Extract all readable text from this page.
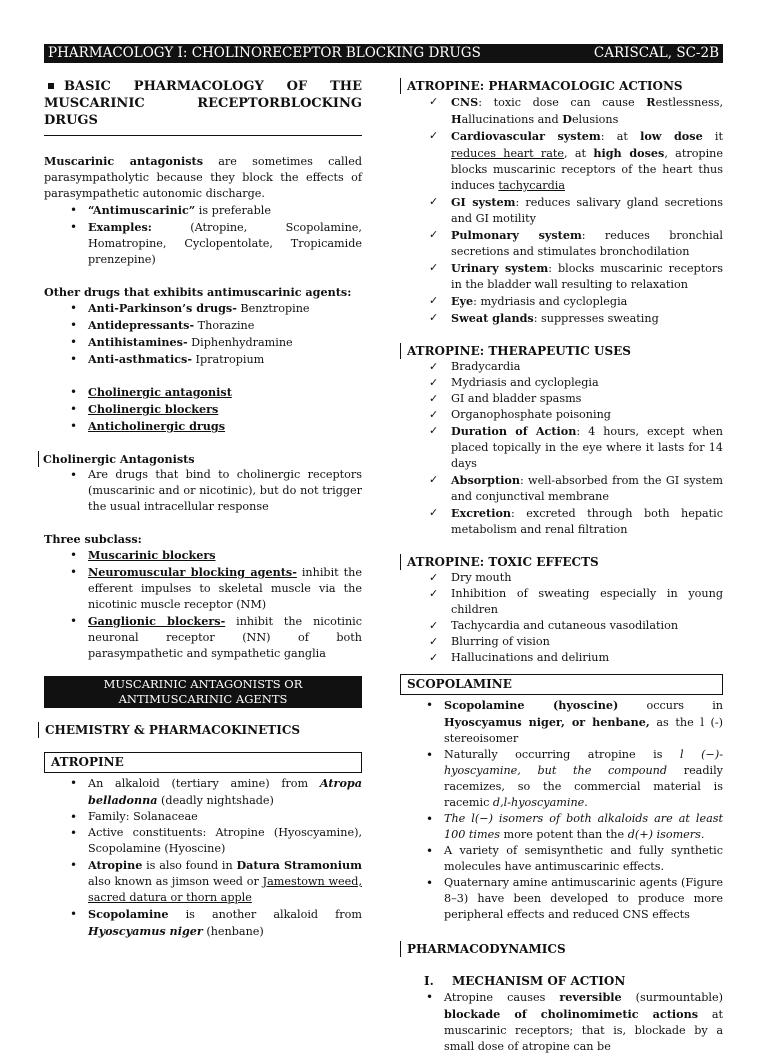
PHARMACOLOGY I: CHOLINORECEPTOR BLOCKING DRUGS	CARISCAL, SC-2B
BASIC PHARMACOLOGY OF THE MUSCARINIC RECEPTORBLOCKING DRUGS

Muscarinic antagonists are sometimes called parasympatholytic because they block the effects of parasympathetic autonomic discharge.

• “Antimuscarinic” is preferable
• Examples: (Atropine, Scopolamine, Homatropine, Cyclopentolate, Tropicamide prenzepine)

Other drugs that exhibits antimuscarinic agents:

• Anti-Parkinson’s drugs- Benztropine
• Antidepressants- Thorazine
• Antihistamines- Diphenhydramine
• Anti-asthmatics- Ipratropium
• Cholinergic antagonist
• Cholinergic blockers
• Anticholinergic drugs

Cholinergic Antagonists

• Are drugs that bind to cholinergic receptors (muscarinic and or nicotinic), but do not trigger the usual intracellular response

Three subclass:

• Muscarinic blockers
• Neuromuscular blocking agents- inhibit the efferent impulses to skeletal muscle via the nicotinic muscle receptor (NM)
• Ganglionic blockers- inhibit the nicotinic neuronal receptor (NN) of both parasympathetic and sympathetic ganglia
MUSCARINIC ANTAGONISTS OR ANTIMUSCARINIC AGENTS

CHEMISTRY & PHARMACOKINETICS

ATROPINE
• An alkaloid (tertiary amine) from Atropa belladonna (deadly nightshade)
• Family: Solanaceae
• Active constituents: Atropine (Hyoscyamine), Scopolamine (Hyoscine)
• Atropine is also found in Datura Stramonium also known as jimson weed or Jamestown weed, sacred datura or thorn apple
• Scopolamine is another alkaloid from Hyoscyamus niger (henbane)

ATROPINE: PHARMACOLOGIC ACTIONS

✓ CNS: toxic dose can cause Restlessness, Hallucinations and Delusions
✓ Cardiovascular system: at low dose it reduces heart rate, at high doses, atropine blocks muscarinic receptors of the heart thus induces tachycardia
✓ GI system: reduces salivary gland secretions and GI motility
✓ Pulmonary system: reduces bronchial secretions and stimulates bronchodilation
✓ Urinary system: blocks muscarinic receptors in the bladder wall resulting to relaxation
✓ Eye: mydriasis and cycloplegia
✓ Sweat glands: suppresses sweating

ATROPINE: THERAPEUTIC USES

✓ Bradycardia
✓ Mydriasis and cycloplegia
✓ GI and bladder spasms
✓ Organophosphate poisoning
✓ Duration of Action: 4 hours, except when placed topically in the eye where it lasts for 14 days
✓ Absorption: well-absorbed from the GI system and conjunctival membrane
✓ Excretion: excreted through both hepatic metabolism and renal filtration

ATROPINE: TOXIC EFFECTS

✓ Dry mouth
✓ Inhibition of sweating especially in young children
✓ Tachycardia and cutaneous vasodilation
✓ Blurring of vision
✓ Hallucinations and delirium
SCOPOLAMINE
• Scopolamine (hyoscine) occurs in Hyoscyamus niger, or henbane, as the l (-) stereoisomer
• Naturally occurring atropine is l (−)-hyoscyamine, but the compound readily racemizes, so the commercial material is racemic d,l-hyoscyamine.
• The l(−) isomers of both alkaloids are at least 100 times more potent than the d(+) isomers.
• A variety of semisynthetic and fully synthetic molecules have antimuscarinic effects.
• Quaternary amine antimuscarinic agents (Figure 8–3) have been developed to produce more peripheral effects and reduced CNS effects

PHARMACODYNAMICS

I.	MECHANISM OF ACTION
• Atropine causes reversible (surmountable) blockade of cholinomimetic actions at muscarinic receptors; that is, blockade by a small dose of atropine can be
